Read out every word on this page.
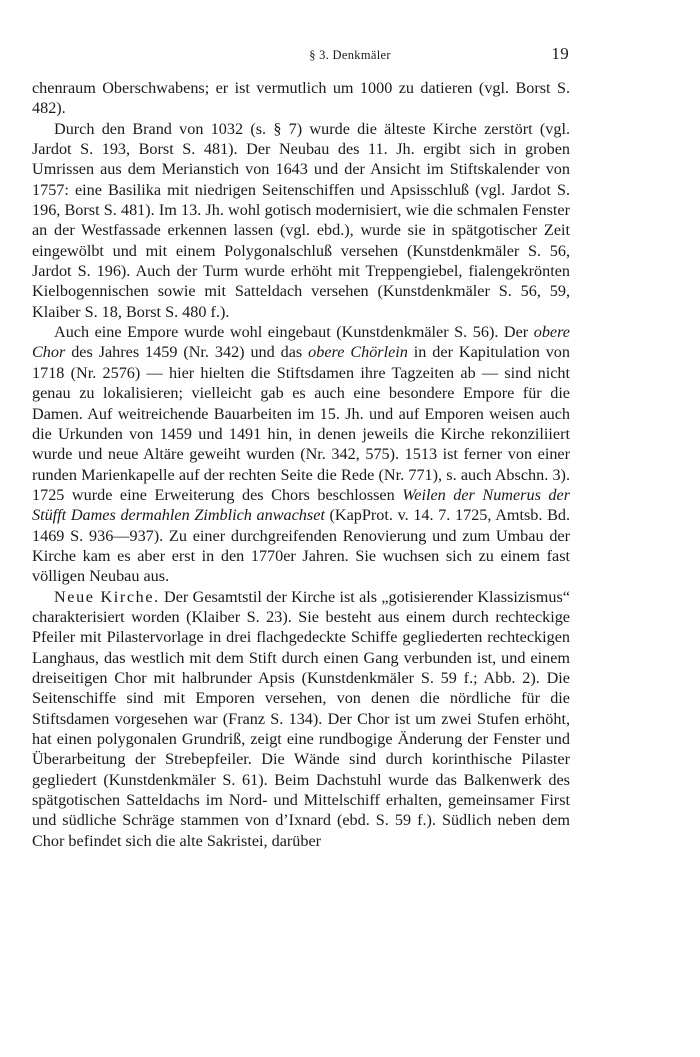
§ 3. Denkmäler	19

chenraum Oberschwabens; er ist vermutlich um 1000 zu datieren (vgl. Borst S. 482).

Durch den Brand von 1032 (s. § 7) wurde die älteste Kirche zerstört (vgl. Jardot S. 193, Borst S. 481). Der Neubau des 11. Jh. ergibt sich in groben Umrissen aus dem Merianstich von 1643 und der Ansicht im Stiftskalender von 1757: eine Basilika mit niedrigen Seitenschiffen und Apsisschluß (vgl. Jardot S. 196, Borst S. 481). Im 13. Jh. wohl gotisch modernisiert, wie die schmalen Fenster an der Westfassade erkennen lassen (vgl. ebd.), wurde sie in spätgotischer Zeit eingewölbt und mit einem Polygonalschluß versehen (Kunstdenkmäler S. 56, Jardot S. 196). Auch der Turm wurde erhöht mit Treppengiebel, fialengekrönten Kielbogennischen sowie mit Satteldach versehen (Kunstdenkmäler S. 56, 59, Klaiber S. 18, Borst S. 480 f.).

Auch eine Empore wurde wohl eingebaut (Kunstdenkmäler S. 56). Der obere Chor des Jahres 1459 (Nr. 342) und das obere Chörlein in der Kapitulation von 1718 (Nr. 2576) — hier hielten die Stiftsdamen ihre Tagzeiten ab — sind nicht genau zu lokalisieren; vielleicht gab es auch eine besondere Empore für die Damen. Auf weitreichende Bauarbeiten im 15. Jh. und auf Emporen weisen auch die Urkunden von 1459 und 1491 hin, in denen jeweils die Kirche rekonziliiert wurde und neue Altäre geweiht wurden (Nr. 342, 575). 1513 ist ferner von einer runden Marienkapelle auf der rechten Seite die Rede (Nr. 771), s. auch Abschn. 3). 1725 wurde eine Erweiterung des Chors beschlossen Weilen der Numerus der Stüfft Dames dermahlen Zimblich anwachset (KapProt. v. 14. 7. 1725, Amtsb. Bd. 1469 S. 936—937). Zu einer durchgreifenden Renovierung und zum Umbau der Kirche kam es aber erst in den 1770er Jahren. Sie wuchsen sich zu einem fast völligen Neubau aus.

Neue Kirche. Der Gesamtstil der Kirche ist als „gotisierender Klassizismus“ charakterisiert worden (Klaiber S. 23). Sie besteht aus einem durch rechteckige Pfeiler mit Pilastervorlage in drei flachgedeckte Schiffe gegliederten rechteckigen Langhaus, das westlich mit dem Stift durch einen Gang verbunden ist, und einem dreiseitigen Chor mit halbrunder Apsis (Kunstdenkmäler S. 59 f.; Abb. 2). Die Seitenschiffe sind mit Emporen versehen, von denen die nördliche für die Stiftsdamen vorgesehen war (Franz S. 134). Der Chor ist um zwei Stufen erhöht, hat einen polygonalen Grundriß, zeigt eine rundbogige Änderung der Fenster und Überarbeitung der Strebepfeiler. Die Wände sind durch korinthische Pilaster gegliedert (Kunstdenkmäler S. 61). Beim Dachstuhl wurde das Balkenwerk des spätgotischen Satteldachs im Nord- und Mittelschiff erhalten, gemeinsamer First und südliche Schräge stammen von d’Ixnard (ebd. S. 59 f.). Südlich neben dem Chor befindet sich die alte Sakristei, darüber
